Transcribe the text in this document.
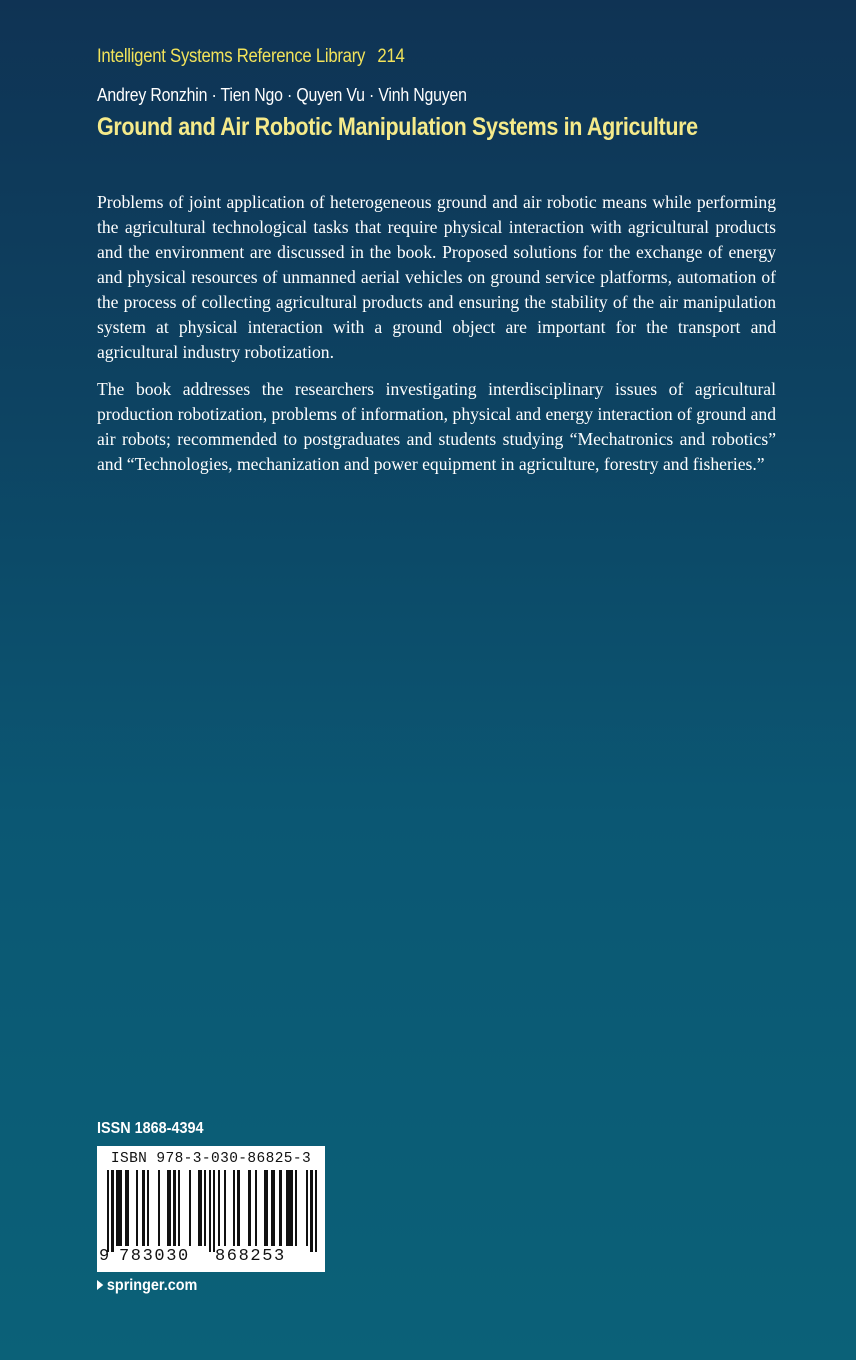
Intelligent Systems Reference Library 214
Andrey Ronzhin · Tien Ngo · Quyen Vu · Vinh Nguyen
Ground and Air Robotic Manipulation Systems in Agriculture

Problems of joint application of heterogeneous ground and air robotic means while performing the agricultural technological tasks that require physical interaction with agricultural products and the environment are discussed in the book. Proposed solutions for the exchange of energy and physical resources of unmanned aerial vehicles on ground service platforms, automation of the process of collecting agricultural products and ensuring the stability of the air manipulation system at physical interaction with a ground object are important for the transport and agricultural industry robotization.

The book addresses the researchers investigating interdisciplinary issues of agricultural production robotization, problems of information, physical and energy interaction of ground and air robots; recommended to postgraduates and students studying “Mechatronics and robotics” and “Technologies, mechanization and power equipment in agriculture, forestry and fisheries.”

ISSN 1868-4394
ISBN 978-3-030-86825-3
9 783030 868253
springer.com
